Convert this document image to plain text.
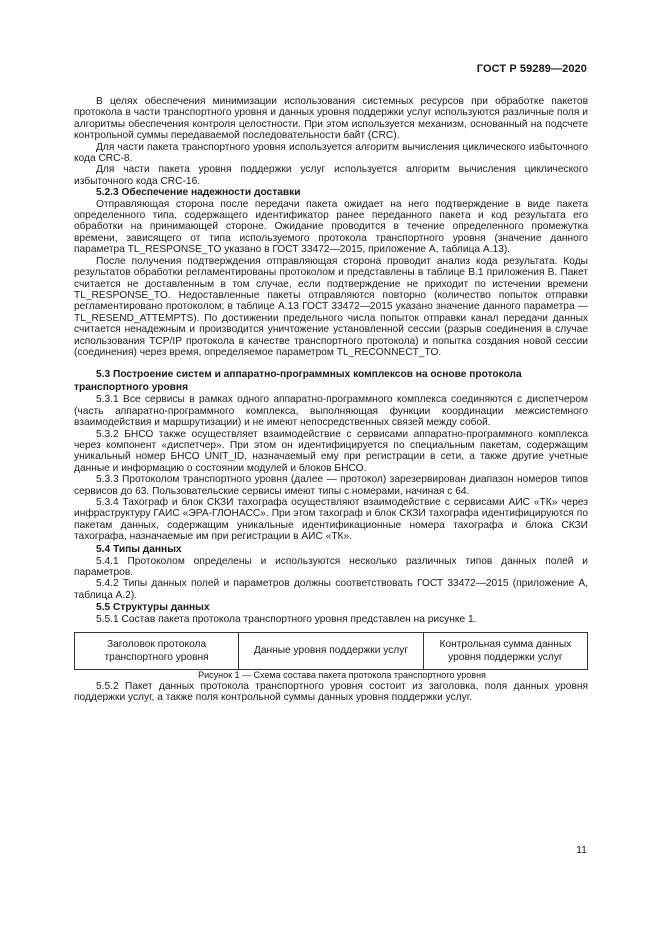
ГОСТ Р 59289—2020

В целях обеспечения минимизации использования системных ресурсов при обработке пакетов протокола в части транспортного уровня и данных уровня поддержки услуг используются различные поля и алгоритмы обеспечения контроля целостности. При этом используется механизм, основанный на подсчете контрольной суммы передаваемой последовательности байт (CRC).

Для части пакета транспортного уровня используется алгоритм вычисления циклического избыточного кода CRC-8.

Для части пакета уровня поддержки услуг используется алгоритм вычисления циклического избыточного кода CRC-16.

5.2.3 Обеспечение надежности доставки

Отправляющая сторона после передачи пакета ожидает на него подтверждение в виде пакета определенного типа, содержащего идентификатор ранее переданного пакета и код результата его обработки на принимающей стороне. Ожидание проводится в течение определенного промежутка времени, зависящего от типа используемого протокола транспортного уровня (значение данного параметра TL_RESPONSE_TO указано в ГОСТ 33472—2015, приложение А, таблица А.13).

После получения подтверждения отправляющая сторона проводит анализ кода результата. Коды результатов обработки регламентированы протоколом и представлены в таблице В.1 приложения В. Пакет считается не доставленным в том случае, если подтверждение не приходит по истечении времени TL_RESPONSE_TO. Недоставленные пакеты отправляются повторно (количество попыток отправки регламентировано протоколом; в таблице А.13 ГОСТ 33472—2015 указано значение данного параметра — TL_RESEND_ATTEMPTS). По достижении предельного числа попыток отправки канал передачи данных считается ненадежным и производится уничтожение установленной сессии (разрыв соединения в случае использования TCP/IP протокола в качестве транспортного протокола) и попытка создания новой сессии (соединения) через время, определяемое параметром TL_RECONNECT_TO.

5.3 Построение систем и аппаратно-программных комплексов на основе протокола транспортного уровня

5.3.1 Все сервисы в рамках одного аппаратно-программного комплекса соединяются с диспетчером (часть аппаратно-программного комплекса, выполняющая функции координации межсистемного взаимодействия и маршрутизации) и не имеют непосредственных связей между собой.

5.3.2 БНСО также осуществляет взаимодействие с сервисами аппаратно-программного комплекса через компонент «диспетчер». При этом он идентифицируется по специальным пакетам, содержащим уникальный номер БНСО UNIT_ID, назначаемый ему при регистрации в сети, а также другие учетные данные и информацию о состоянии модулей и блоков БНСО.

5.3.3 Протоколом транспортного уровня (далее — протокол) зарезервирован диапазон номеров типов сервисов до 63. Пользовательские сервисы имеют типы с номерами, начиная с 64.

5.3.4 Тахограф и блок СКЗИ тахографа осуществляют взаимодействие с сервисами АИС «ТК» через инфраструктуру ГАИС «ЭРА-ГЛОНАСС». При этом тахограф и блок СКЗИ тахографа идентифицируются по пакетам данных, содержащим уникальные идентификационные номера тахографа и блока СКЗИ тахографа, назначаемые им при регистрации в АИС «ТК».

5.4 Типы данных

5.4.1 Протоколом определены и используются несколько различных типов данных полей и параметров.

5.4.2 Типы данных полей и параметров должны соответствовать ГОСТ 33472—2015 (приложение А, таблица А.2).

5.5 Структуры данных

5.5.1 Состав пакета протокола транспортного уровня представлен на рисунке 1.

Заголовок протокола транспортного уровня	Данные уровня поддержки услуг	Контрольная сумма данных уровня поддержки услуг

Рисунок 1 — Схема состава пакета протокола транспортного уровня

5.5.2 Пакет данных протокола транспортного уровня состоит из заголовка, поля данных уровня поддержки услуг, а также поля контрольной суммы данных уровня поддержки услуг.

11
